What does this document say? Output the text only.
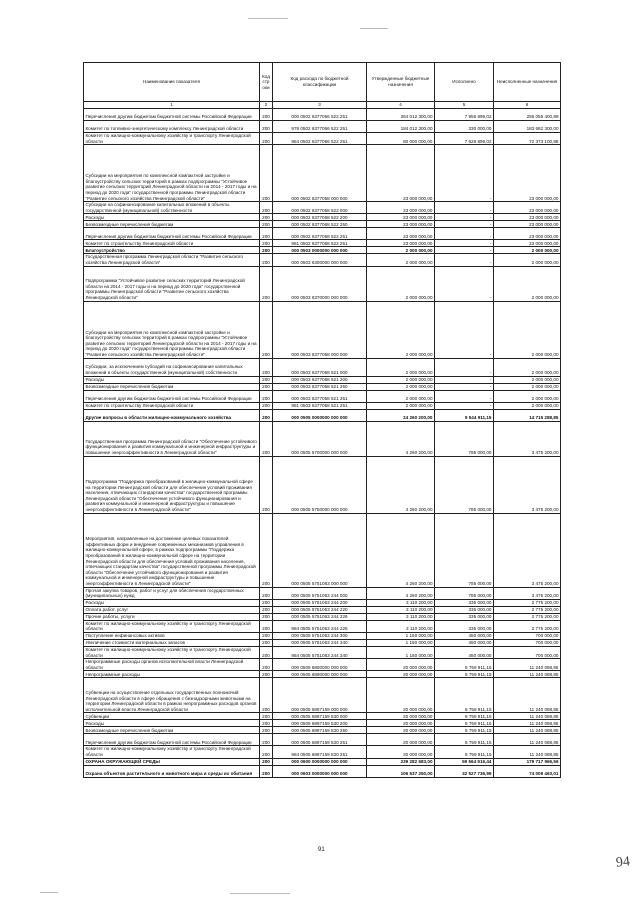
Наименование показателя	Код строки	Код расхода по бюджетной классификации	Утвержденные бюджетные назначения	Исполнено	Неисполненные назначения
1	2	3	4	5	6
Перечисления другим бюджетам бюджетной системы Российской Федерации	200	000 0502 6377066 522 251	264 012 300,00	7 956 899,02	256 055 400,98
Комитет по топливно-энергетическому комплексу Ленинградской области	200	978 0502 6377066 522 251	184 012 300,00	330 000,00	183 682 300,00
Комитет по жилищно-коммунальному хозяйству и транспорту Ленинградской области	200	984 0502 6377066 522 251	80 000 000,00	7 626 899,02	72 373 100,98
Субсидии на мероприятия по комплексной компактной застройке и благоустройству сельских территорий в рамках подпрограммы "Устойчивое развитие сельских территорий Ленинградской области на 2014 - 2017 годы и на период до 2020 года" государственной программы Ленинградской области "Развитие сельского хозяйства Ленинградской области"	200	000 0502 6377068 000 000	23 000 000,00	-	23 000 000,00
Субсидии на софинансирование капитальных вложений в объекты государственной (муниципальной) собственности	200	000 0502 6377068 522 000	23 000 000,00	-	23 000 000,00
Расходы	200	000 0502 6377068 522 200	23 000 000,00	-	23 000 000,00
Безвозмездные перечисления бюджетам	200	000 0502 6377068 522 250	23 000 000,00	-	23 000 000,00
Перечисления другим бюджетам бюджетной системы Российской Федерации	200	000 0502 6377068 522 251	23 000 000,00	-	23 000 000,00
Комитет по строительству Ленинградской области	200	981 0502 6377068 522 251	23 000 000,00	-	23 000 000,00
Благоустройство	200	000 0503 0000000 000 000	2 000 000,00	-	2 000 000,00
Государственная программа Ленинградской области "Развитие сельского хозяйства Ленинградской области"	200	000 0503 6300000 000 000	2 000 000,00	-	2 000 000,00
Подпрограмма "Устойчивое развитие сельских территорий Ленинградской области на 2014 - 2017 годы и на период до 2020 года" государственной программы Ленинградской области "Развитие сельского хозяйства Ленинградской области"	200	000 0503 6370000 000 000	2 000 000,00	-	2 000 000,00
Субсидии на мероприятия по комплексной компактной застройке и благоустройству сельских территорий в рамках подпрограммы "Устойчивое развитие сельских территорий Ленинградской области на 2014 - 2017 годы и на период до 2020 года" государственной программы Ленинградской области "Развитие сельского хозяйства Ленинградской области"	200	000 0503 6377068 000 000	2 000 000,00	-	2 000 000,00
Субсидии, за исключением субсидий на софинансирование капитальных вложений в объекты государственной (муниципальной) собственности	200	000 0503 6377068 521 000	2 000 000,00	-	2 000 000,00
Расходы	200	000 0503 6377068 521 200	2 000 000,00	-	2 000 000,00
Безвозмездные перечисления бюджетам	200	000 0503 6377068 521 250	2 000 000,00	-	2 000 000,00
Перечисления другим бюджетам бюджетной системы Российской Федерации	200	000 0503 6377068 521 251	2 000 000,00	-	2 000 000,00
Комитет по строительству Ленинградской области	200	981 0503 6377068 521 251	2 000 000,00	-	2 000 000,00
Другие вопросы в области жилищно-коммунального хозяйства	200	000 0505 0000000 000 000	24 260 200,00	9 544 911,15	14 715 288,85
Государственная программа Ленинградской области "Обеспечение устойчивого функционирования и развития коммунальной и инженерной инфраструктуры и повышение энергоэффективности в Ленинградской области"	200	000 0505 5700000 000 000	4 260 200,00	785 000,00	3 475 200,00
Подпрограмма "Поддержка преобразований в жилищно-коммунальной сфере на территории Ленинградской области для обеспечения условий проживания населения, отвечающих стандартам качества" государственной программы Ленинградской области "Обеспечение устойчивого функционирования и развития коммунальной и инженерной инфраструктуры и повышение энергоэффективности в Ленинградской области"	200	000 0505 5750000 000 000	4 260 200,00	785 000,00	3 475 200,00
Мероприятия, направленные на достижение целевых показателей эффективных форм и внедрение современных механизмов управления в жилищно-коммунальной сфере, в рамках подпрограммы "Поддержка преобразований в жилищно-коммунальной сфере на территории Ленинградской области для обеспечения условий проживания населения, отвечающих стандартам качества" государственной программы Ленинградской области "Обеспечение устойчивого функционирования и развития коммунальной и инженерной инфраструктуры и повышение энергоэффективности в Ленинградской области"	200	000 0505 5751063 000 000	4 260 200,00	785 000,00	3 475 200,00
Прочая закупка товаров, работ и услуг для обеспечения государственных (муниципальных) нужд	200	000 0505 5751063 244 000	4 260 200,00	785 000,00	3 475 200,00
Расходы	200	000 0505 5751063 244 200	3 110 200,00	335 000,00	2 775 200,00
Оплата работ, услуг	200	000 0505 5751063 244 220	3 110 200,00	335 000,00	2 775 200,00
Прочие работы, услуги	200	000 0505 5751063 244 226	3 110 200,00	335 000,00	2 775 200,00
Комитет по жилищно-коммунальному хозяйству и транспорту Ленинградской области	200	984 0505 5751063 244 226	3 110 200,00	335 000,00	2 775 200,00
Поступление нефинансовых активов	200	000 0505 5751063 244 300	1 150 000,00	450 000,00	700 000,00
Увеличение стоимости материальных запасов	200	000 0505 5751063 244 340	1 150 000,00	450 000,00	700 000,00
Комитет по жилищно-коммунальному хозяйству и транспорту Ленинградской области	200	984 0505 5751063 244 340	1 150 000,00	450 000,00	700 000,00
Непрограммные расходы органов исполнительной власти Ленинградской области	200	000 0505 6800000 000 000	20 000 000,00	8 759 911,15	11 240 088,85
Непрограммные расходы	200	000 0505 6890000 000 000	20 000 000,00	8 759 911,15	11 240 088,85
Субвенции на осуществление отдельных государственных полномочий Ленинградской области в сфере обращения с безнадзорными животными на территории Ленинградской области в рамках непрограммных расходов органов исполнительной власти Ленинградской области	200	000 0505 6897159 000 000	20 000 000,00	8 759 911,15	11 240 088,85
Субвенции	200	000 0505 6897159 530 000	20 000 000,00	8 759 911,15	11 240 088,85
Расходы	200	000 0505 6897159 530 200	20 000 000,00	8 759 911,15	11 240 088,85
Безвозмездные перечисления бюджетам	200	000 0505 6897159 530 250	20 000 000,00	8 759 911,15	11 240 088,85
Перечисления другим бюджетам бюджетной системы Российской Федерации	200	000 0505 6897159 530 251	20 000 000,00	8 759 911,15	11 240 088,85
Комитет по жилищно-коммунальному хозяйству и транспорту Ленинградской области	200	984 0505 6897159 530 251	20 000 000,00	8 759 911,15	11 240 088,85
ОХРАНА ОКРУЖАЮЩЕЙ СРЕДЫ	200	000 0600 0000000 000 000	239 282 683,00	59 564 916,44	179 717 966,56
Охрана объектов растительного и животного мира и среды их обитания	200	000 0603 0000000 000 000	106 537 250,00	32 527 736,99	74 009 463,01
91
94
